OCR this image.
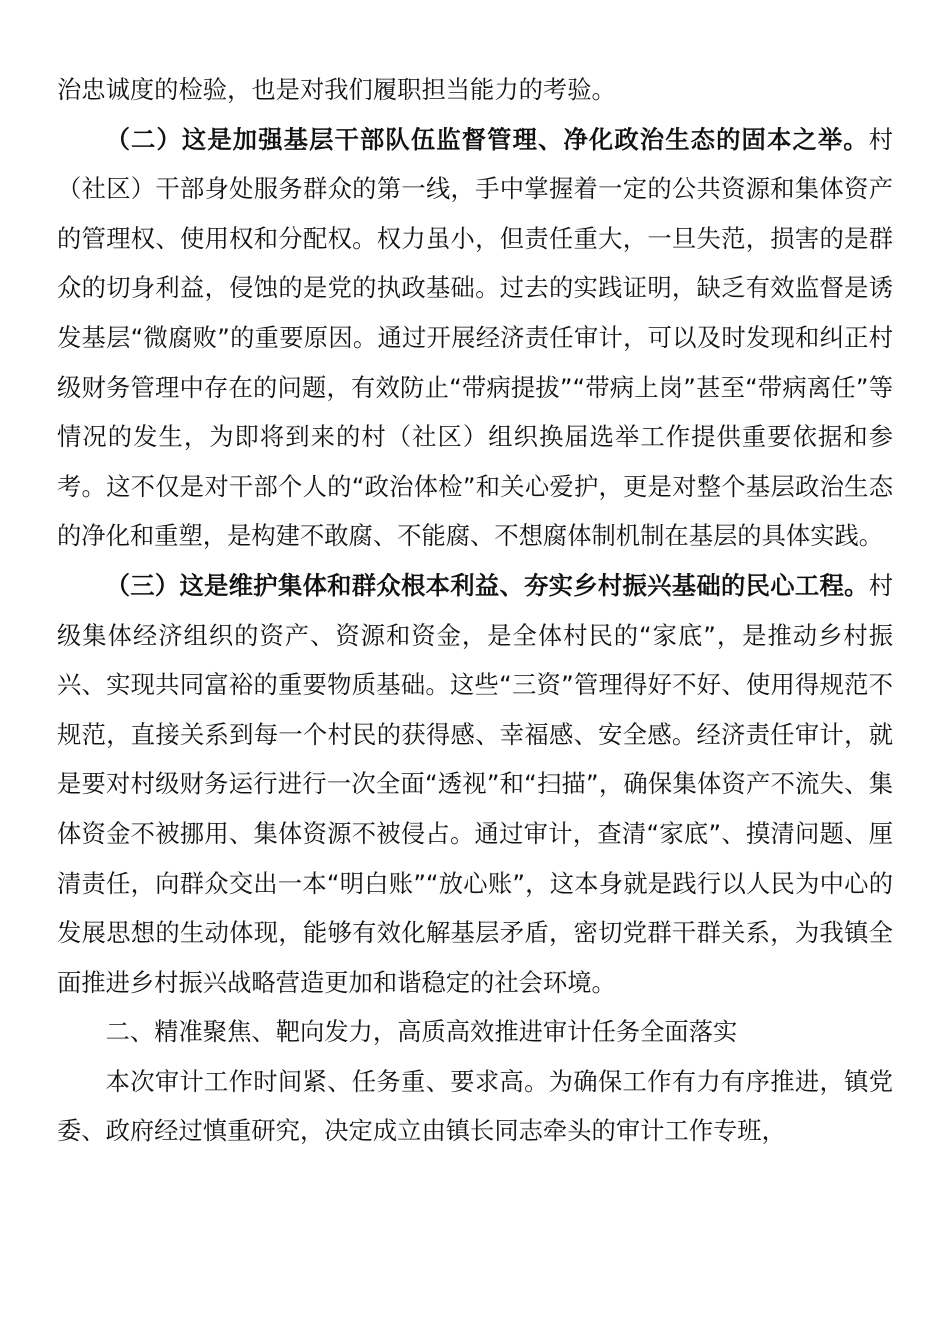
治忠诚度的检验，也是对我们履职担当能力的考验。

（二）这是加强基层干部队伍监督管理、净化政治生态的固本之举。村（社区）干部身处服务群众的第一线，手中掌握着一定的公共资源和集体资产的管理权、使用权和分配权。权力虽小，但责任重大，一旦失范，损害的是群众的切身利益，侵蚀的是党的执政基础。过去的实践证明，缺乏有效监督是诱发基层“微腐败”的重要原因。通过开展经济责任审计，可以及时发现和纠正村级财务管理中存在的问题，有效防止“带病提拔”“带病上岗”甚至“带病离任”等情况的发生，为即将到来的村（社区）组织换届选举工作提供重要依据和参考。这不仅是对干部个人的“政治体检”和关心爱护，更是对整个基层政治生态的净化和重塑，是构建不敢腐、不能腐、不想腐体制机制在基层的具体实践。

（三）这是维护集体和群众根本利益、夯实乡村振兴基础的民心工程。村级集体经济组织的资产、资源和资金，是全体村民的“家底”，是推动乡村振兴、实现共同富裕的重要物质基础。这些“三资”管理得好不好、使用得规范不规范，直接关系到每一个村民的获得感、幸福感、安全感。经济责任审计，就是要对村级财务运行进行一次全面“透视”和“扫描”，确保集体资产不流失、集体资金不被挪用、集体资源不被侵占。通过审计，查清“家底”、摸清问题、厘清责任，向群众交出一本“明白账”“放心账”，这本身就是践行以人民为中心的发展思想的生动体现，能够有效化解基层矛盾，密切党群干群关系，为我镇全面推进乡村振兴战略营造更加和谐稳定的社会环境。

二、精准聚焦、靶向发力，高质高效推进审计任务全面落实

本次审计工作时间紧、任务重、要求高。为确保工作有力有序推进，镇党委、政府经过慎重研究，决定成立由镇长同志牵头的审计工作专班，
